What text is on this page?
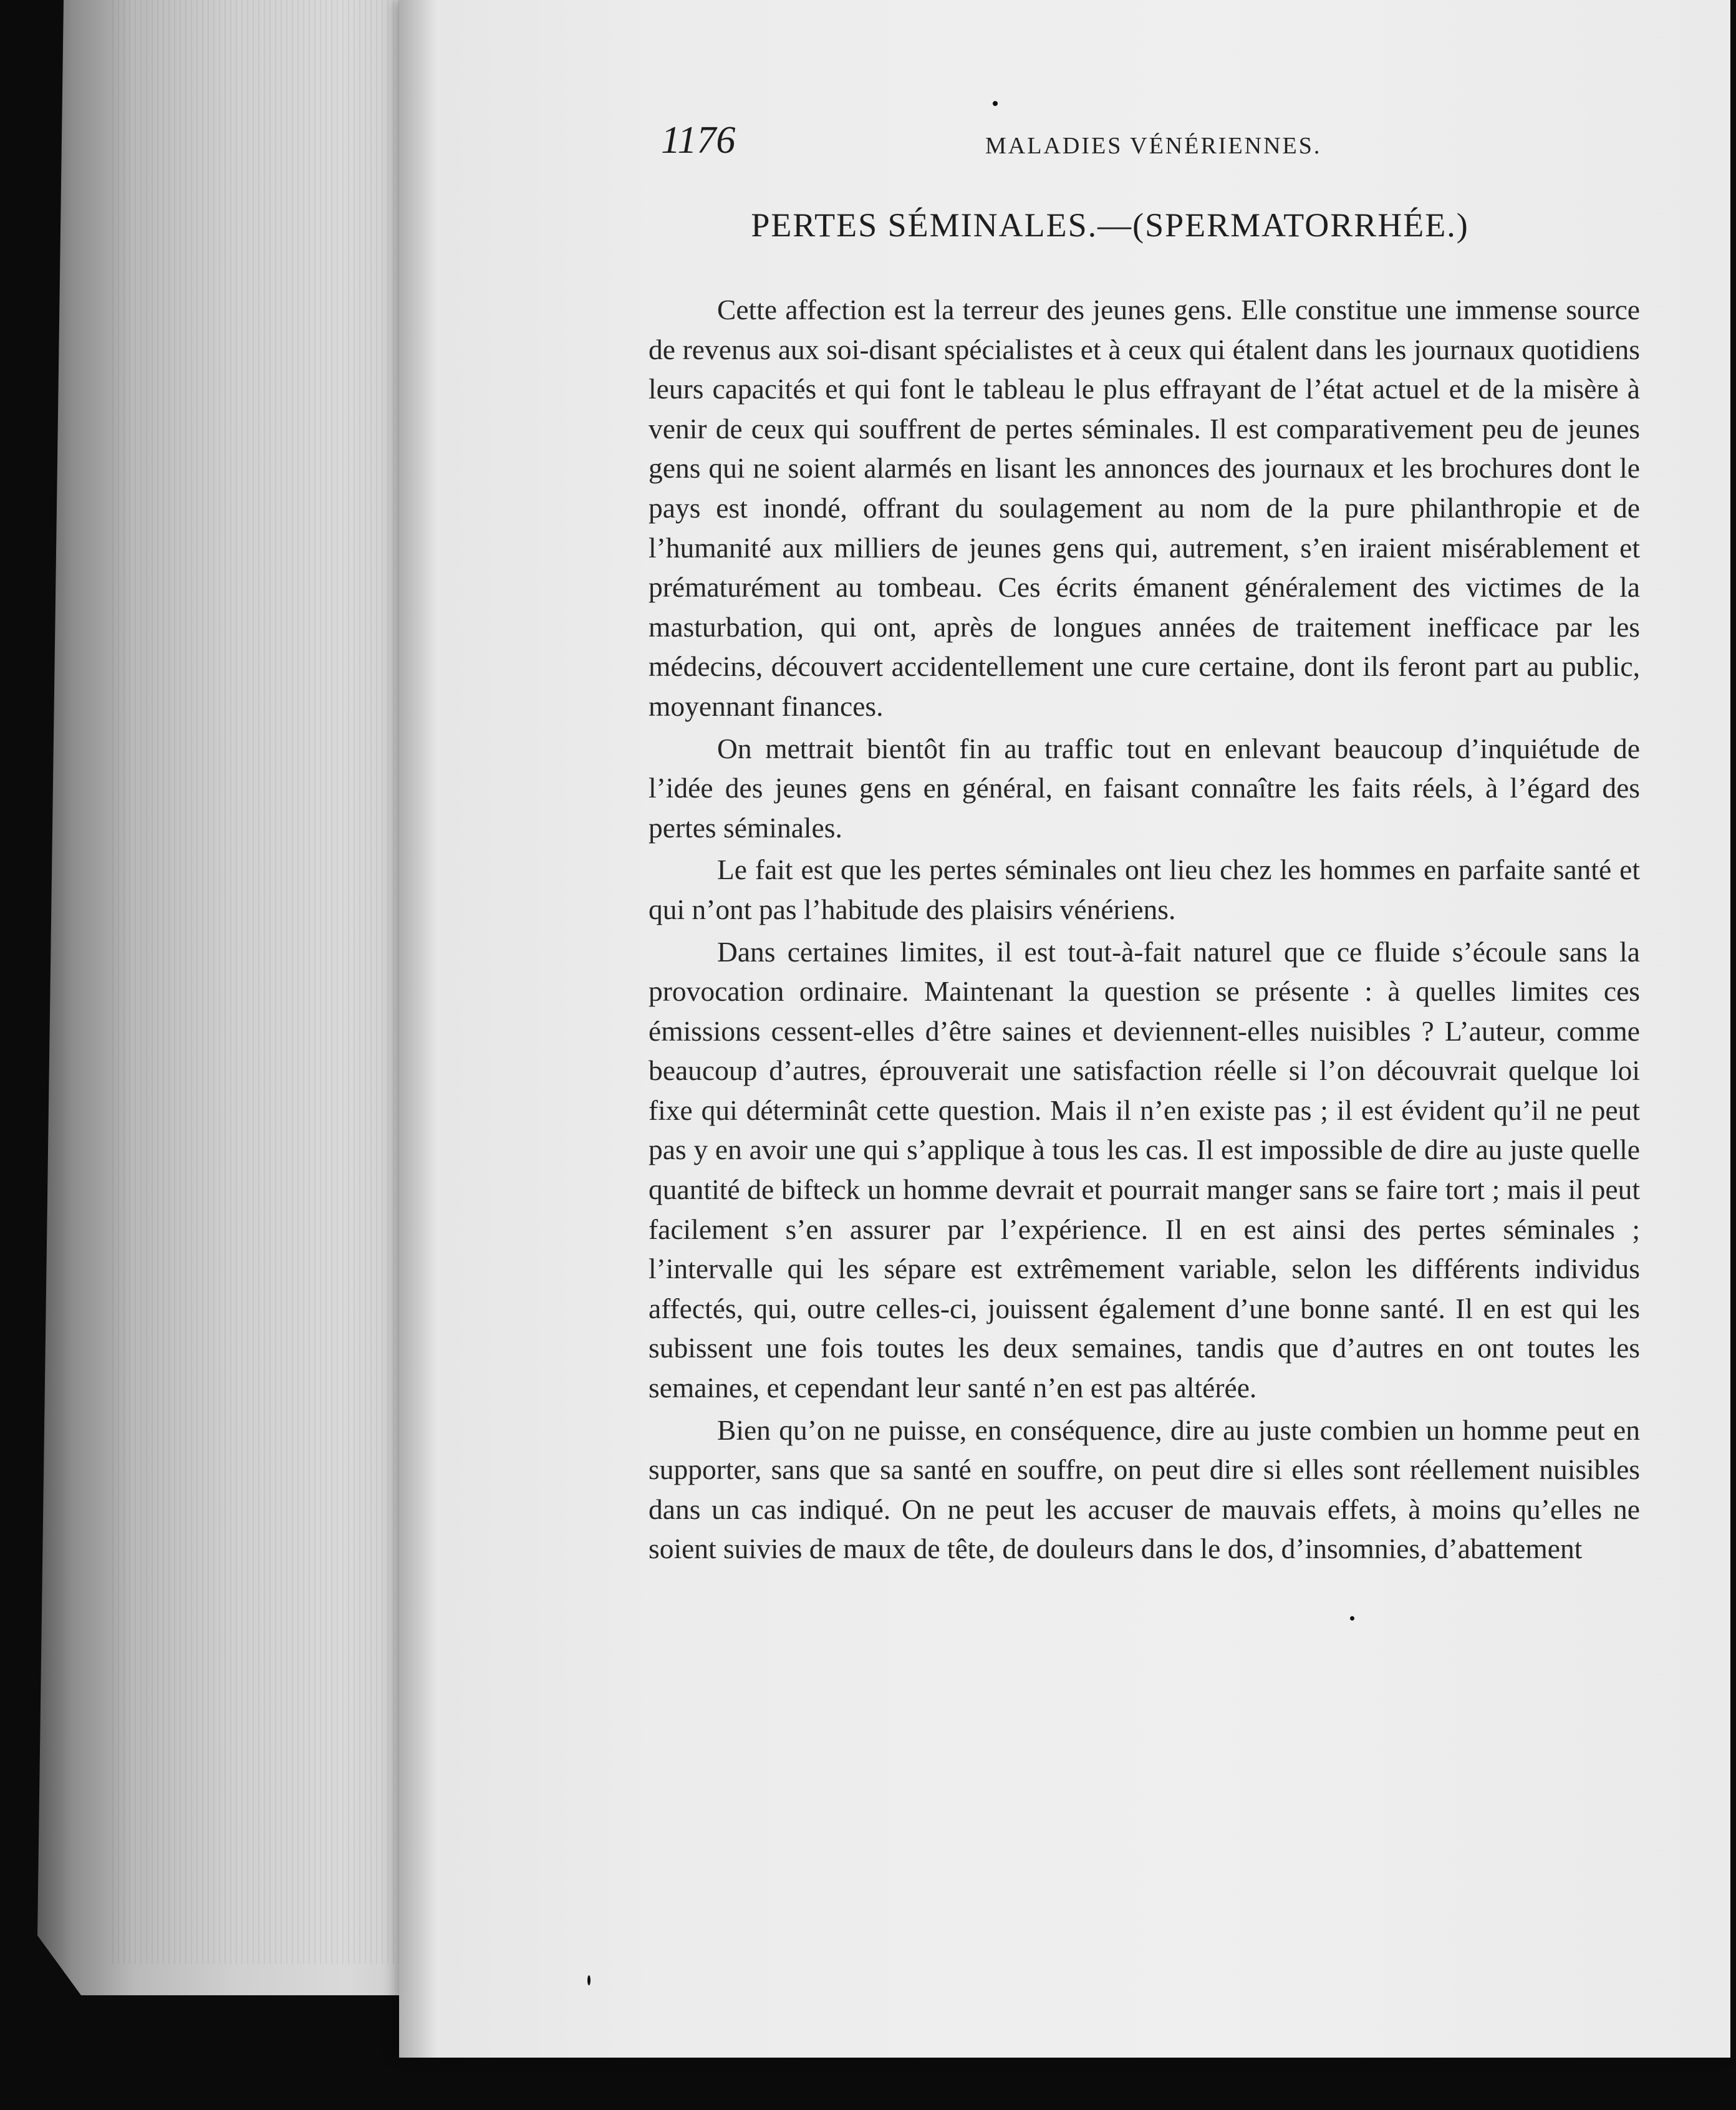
1176	MALADIES VÉNÉRIENNES.
PERTES SÉMINALES.—(SPERMATORRHÉE.)

Cette affection est la terreur des jeunes gens. Elle constitue une immense source de revenus aux soi-disant spécialistes et à ceux qui étalent dans les journaux quotidiens leurs capacités et qui font le tableau le plus effrayant de l’état actuel et de la misère à venir de ceux qui souffrent de pertes séminales. Il est comparativement peu de jeunes gens qui ne soient alarmés en lisant les annonces des journaux et les brochures dont le pays est inondé, offrant du soulagement au nom de la pure philanthropie et de l’humanité aux milliers de jeunes gens qui, autrement, s’en iraient misérablement et prématurément au tombeau. Ces écrits émanent généralement des victimes de la masturbation, qui ont, après de longues années de traitement inefficace par les médecins, découvert accidentellement une cure certaine, dont ils feront part au public, moyennant finances.

On mettrait bientôt fin au traffic tout en enlevant beaucoup d’inquiétude de l’idée des jeunes gens en général, en faisant connaître les faits réels, à l’égard des pertes séminales.

Le fait est que les pertes séminales ont lieu chez les hommes en parfaite santé et qui n’ont pas l’habitude des plaisirs vénériens.

Dans certaines limites, il est tout-à-fait naturel que ce fluide s’écoule sans la provocation ordinaire. Maintenant la question se présente : à quelles limites ces émissions cessent-elles d’être saines et deviennent-elles nuisibles ? L’auteur, comme beaucoup d’autres, éprouverait une satisfaction réelle si l’on découvrait quelque loi fixe qui déterminât cette question. Mais il n’en existe pas ; il est évident qu’il ne peut pas y en avoir une qui s’applique à tous les cas. Il est impossible de dire au juste quelle quantité de bifteck un homme devrait et pourrait manger sans se faire tort ; mais il peut facilement s’en assurer par l’expérience. Il en est ainsi des pertes séminales ; l’intervalle qui les sépare est extrêmement variable, selon les différents individus affectés, qui, outre celles-ci, jouissent également d’une bonne santé. Il en est qui les subissent une fois toutes les deux semaines, tandis que d’autres en ont toutes les semaines, et cependant leur santé n’en est pas altérée.

Bien qu’on ne puisse, en conséquence, dire au juste combien un homme peut en supporter, sans que sa santé en souffre, on peut dire si elles sont réellement nuisibles dans un cas indiqué. On ne peut les accuser de mauvais effets, à moins qu’elles ne soient suivies de maux de tête, de douleurs dans le dos, d’insomnies, d’abattement
